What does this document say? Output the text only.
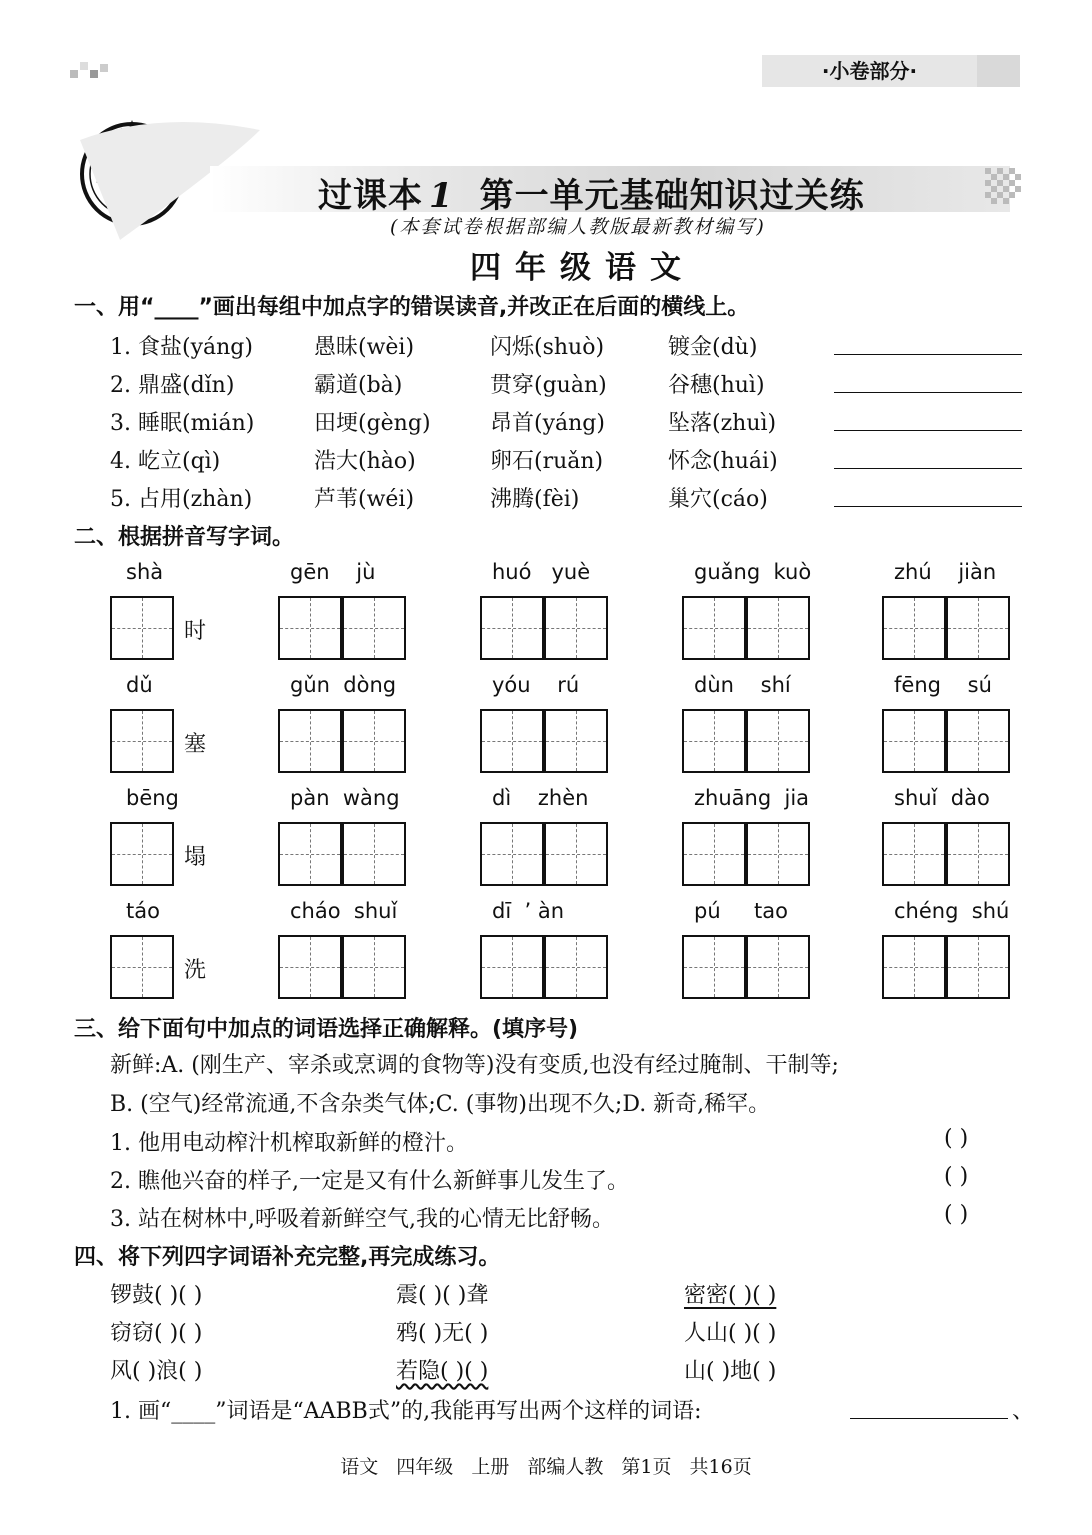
·小卷部分·
过课本 1 第一单元基础知识过关练
(本套试卷根据部编人教版最新教材编写)
四年级语文
一、用“____”画出每组中加点字的错误读音,并改正在后面的横线上。
1. 食盐(yáng)	愚昧(wèi)	闪烁(shuò)	镀金(dù)
2. 鼎盛(dǐn)	霸道(bà)	贯穿(guàn)	谷穗(huì)
3. 睡眠(mián)	田埂(gèng)	昂首(yáng)	坠落(zhuì)
4. 屹立(qì)	浩大(hào)	卵石(ruǎn)	怀念(huái)
5. 占用(zhàn)	芦苇(wéi)	沸腾(fèi)	巢穴(cáo)
二、根据拼音写字词。
shà
时
gēn    jù	huó   yuè	guǎng  kuò	zhú    jiàn
dǔ
塞
gǔn  dòng	yóu    rú	dùn    shí	fēng    sú
bēng
塌
pàn  wàng	dì    zhèn	zhuāng  jia	shuǐ  dào
táo
洗
cháo  shuǐ	dī  ’ àn	pú     tao	chéng  shú
三、给下面句中加点的词语选择正确解释。(填序号)
新鲜:A. (刚生产、宰杀或烹调的食物等)没有变质,也没有经过腌制、干制等;
B. (空气)经常流通,不含杂类气体;C. (事物)出现不久;D. 新奇,稀罕。
1. 他用电动榨汁机榨取新鲜的橙汁。	( )
2. 瞧他兴奋的样子,一定是又有什么新鲜事儿发生了。	( )
3. 站在树林中,呼吸着新鲜空气,我的心情无比舒畅。	( )
四、将下列四字词语补充完整,再完成练习。
锣鼓( )( )	震( )( )聋	密密( )( )
窃窃( )( )	鸦( )无( )	人山( )( )
风( )浪( )	若隐( )( )	山( )地( )
1. 画“____”词语是“AABB式”的,我能再写出两个这样的词语:	、
语文 四年级 上册 部编人教 第1页 共16页
